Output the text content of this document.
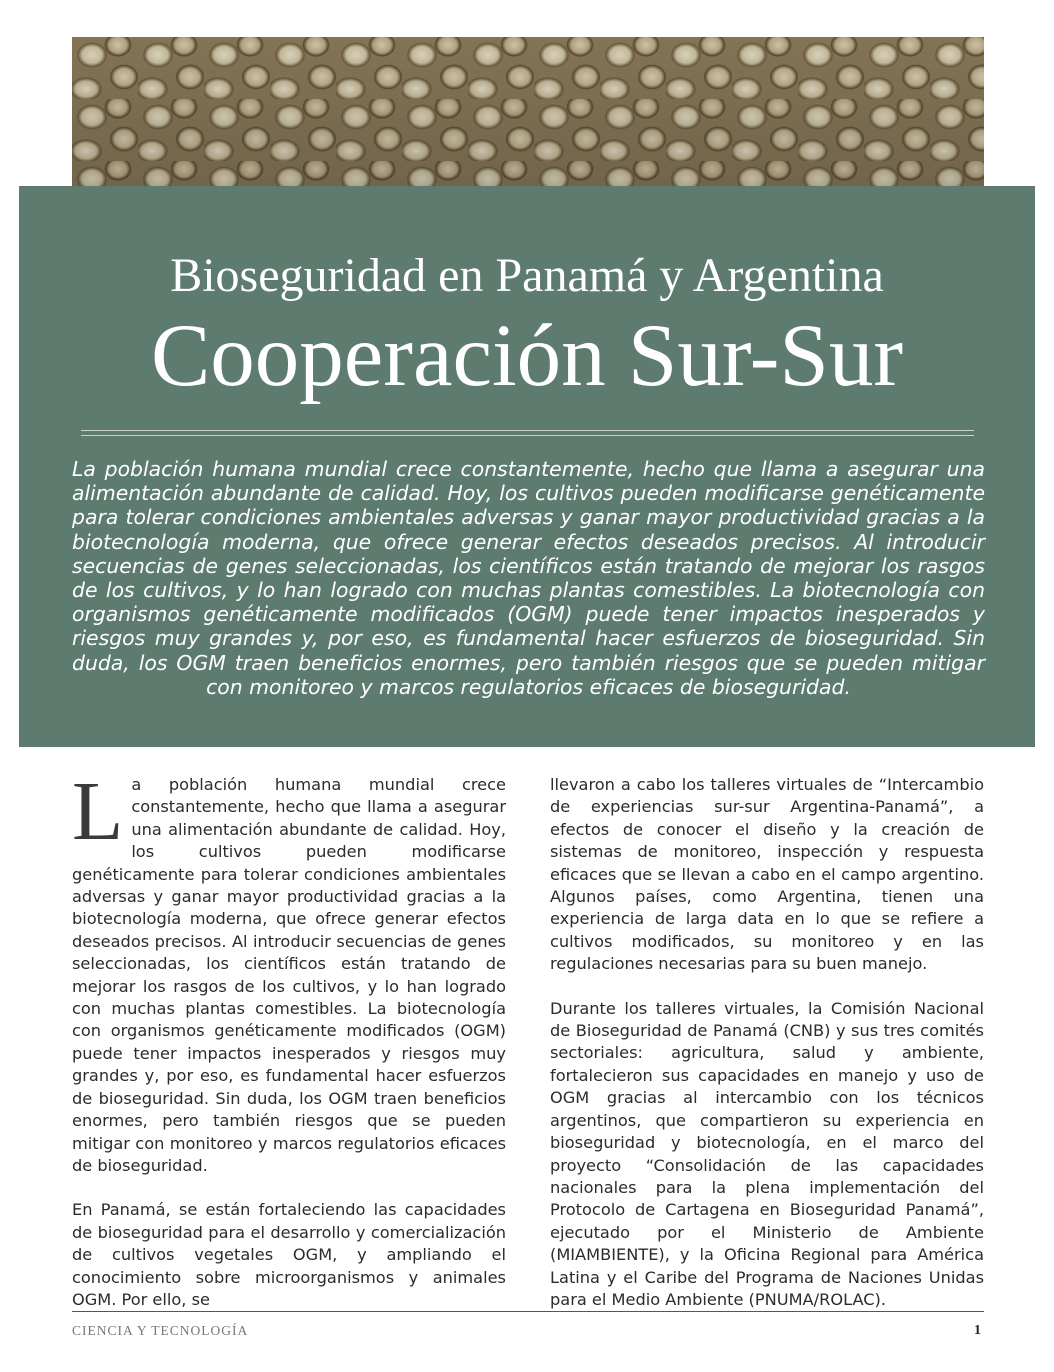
Bioseguridad en Panamá y Argentina
Cooperación Sur-Sur

La población humana mundial crece constantemente, hecho que llama a asegurar una alimentación abundante de calidad. Hoy, los cultivos pueden modificarse genéticamente para tolerar condiciones ambientales adversas y ganar mayor productividad gracias a la biotecnología moderna, que ofrece generar efectos deseados precisos. Al introducir secuencias de genes seleccionadas, los científicos están tratando de mejorar los rasgos de los cultivos, y lo han logrado con muchas plantas comestibles. La biotecnología con organismos genéticamente modificados (OGM) puede tener impactos inesperados y riesgos muy grandes y, por eso, es fundamental hacer esfuerzos de bioseguridad. Sin duda, los OGM traen beneficios enormes, pero también riesgos que se pueden mitigar con monitoreo y marcos regulatorios eficaces de bioseguridad.

La población humana mundial crece constantemente, hecho que llama a asegurar una alimentación abundante de calidad. Hoy, los cultivos pueden modificarse genéticamente para tolerar condiciones ambientales adversas y ganar mayor productividad gracias a la biotecnología moderna, que ofrece generar efectos deseados precisos. Al introducir secuencias de genes seleccionadas, los científicos están tratando de mejorar los rasgos de los cultivos, y lo han logrado con muchas plantas comestibles. La biotecnología con organismos genéticamente modificados (OGM) puede tener impactos inesperados y riesgos muy grandes y, por eso, es fundamental hacer esfuerzos de bioseguridad. Sin duda, los OGM traen beneficios enormes, pero también riesgos que se pueden mitigar con monitoreo y marcos regulatorios eficaces de bioseguridad.

En Panamá, se están fortaleciendo las capacidades de bioseguridad para el desarrollo y comercialización de cultivos vegetales OGM, y ampliando el conocimiento sobre microorganismos y animales OGM. Por ello, se

llevaron a cabo los talleres virtuales de “Intercambio de experiencias sur-sur Argentina-Panamá”, a efectos de conocer el diseño y la creación de sistemas de monitoreo, inspección y respuesta eficaces que se llevan a cabo en el campo argentino. Algunos países, como Argentina, tienen una experiencia de larga data en lo que se refiere a cultivos modificados, su monitoreo y en las regulaciones necesarias para su buen manejo.

Durante los talleres virtuales, la Comisión Nacional de Bioseguridad de Panamá (CNB) y sus tres comités sectoriales: agricultura, salud y ambiente, fortalecieron sus capacidades en manejo y uso de OGM gracias al intercambio con los técnicos argentinos, que compartieron su experiencia en bioseguridad y biotecnología, en el marco del proyecto “Consolidación de las capacidades nacionales para la plena implementación del Protocolo de Cartagena en Bioseguridad Panamá”, ejecutado por el Ministerio de Ambiente (MIAMBIENTE), y la Oficina Regional para América Latina y el Caribe del Programa de Naciones Unidas para el Medio Ambiente (PNUMA/ROLAC).

CIENCIA Y TECNOLOGÍA	1
